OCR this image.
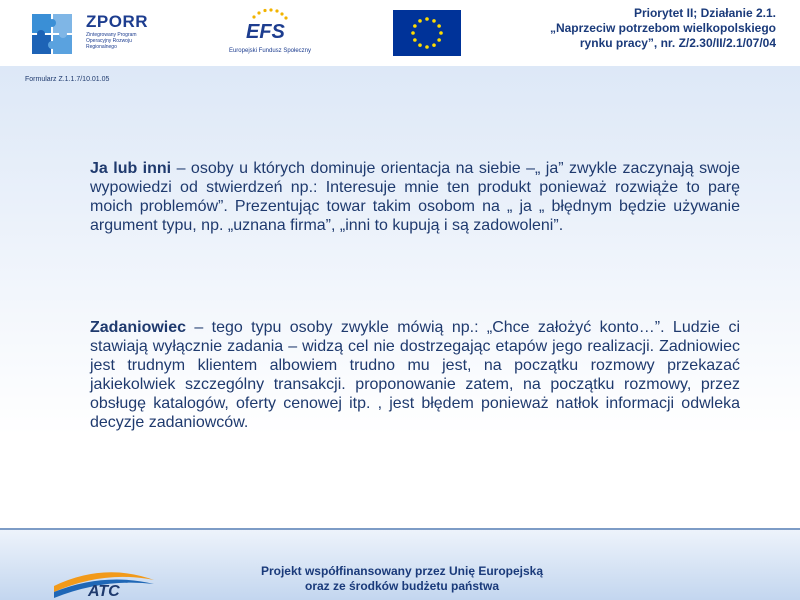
ZPORR
Zintegrowany Program Operacyjny Rozwoju Regionalnego
EFS
Europejski Fundusz Społeczny
Priorytet II; Działanie 2.1.
„Naprzeciw potrzebom wielkopolskiego
rynku pracy”, nr. Z/2.30/II/2.1/07/04
Formularz Z.1.1.7/10.01.05
Ja lub inni – osoby u których dominuje orientacja na siebie –„ ja” zwykle zaczynają swoje wypowiedzi od stwierdzeń np.: Interesuje mnie ten produkt ponieważ rozwiąże to parę moich problemów”. Prezentując towar takim osobom na „ ja „ błędnym będzie używanie argument typu, np. „uznana firma”, „inni to kupują i są zadowoleni”.
Zadaniowiec – tego typu osoby zwykle mówią np.: „Chce założyć konto…”. Ludzie ci stawiają wyłącznie zadania – widzą cel nie dostrzegając etapów jego realizacji. Zadniowiec jest trudnym klientem albowiem trudno mu jest, na początku rozmowy przekazać jakiekolwiek szczególny transakcji. proponowanie zatem, na początku rozmowy, przez obsługę katalogów, oferty cenowej itp. , jest błędem ponieważ natłok informacji odwleka decyzje zadaniowców.
ATC
Projekt współfinansowany przez Unię Europejską
oraz ze środków budżetu państwa
